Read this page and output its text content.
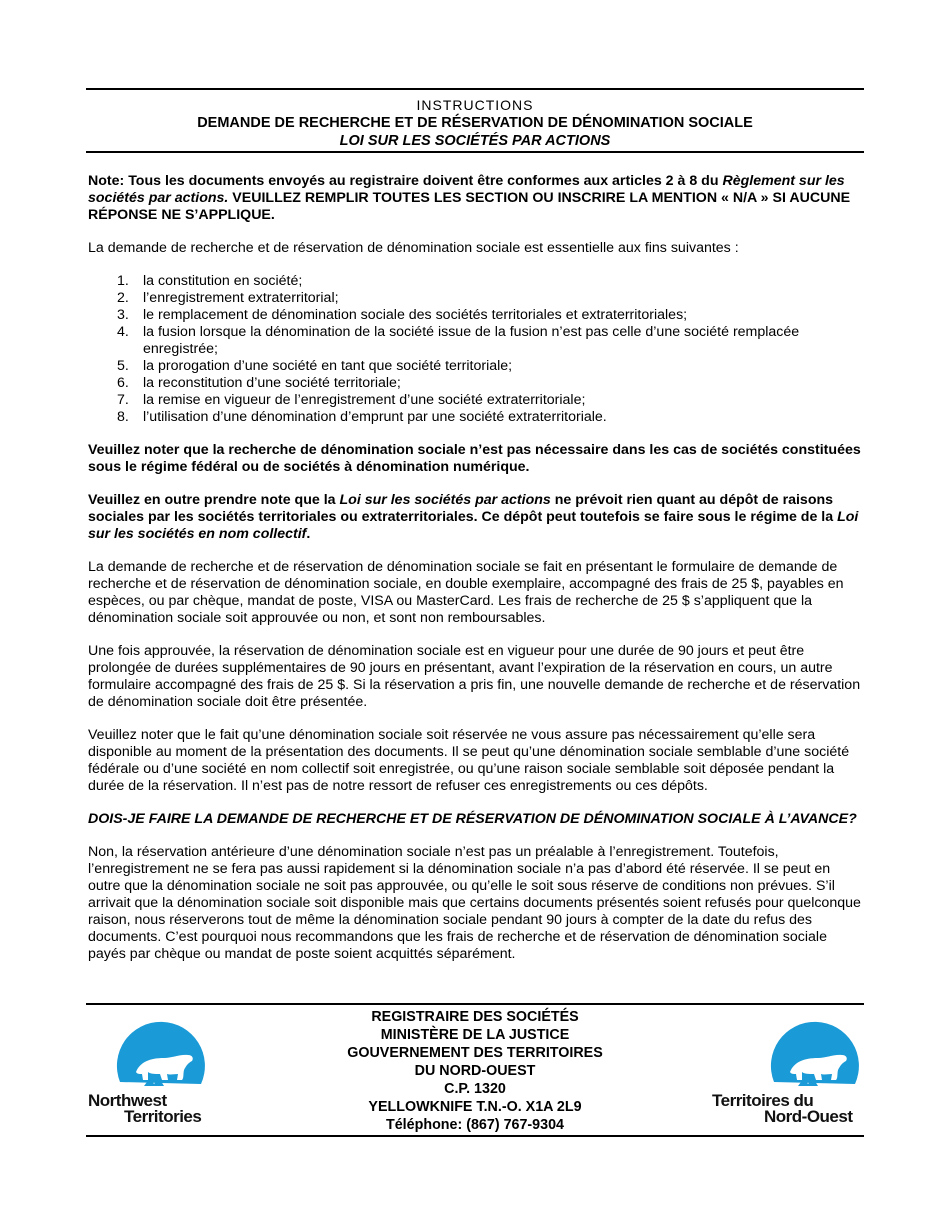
INSTRUCTIONS
DEMANDE DE RECHERCHE ET DE RÉSERVATION DE DÉNOMINATION SOCIALE
LOI SUR LES SOCIÉTÉS PAR ACTIONS

Note: Tous les documents envoyés au registraire doivent être conformes aux articles 2 à 8 du Règlement sur les sociétés par actions. VEUILLEZ REMPLIR TOUTES LES SECTION OU INSCRIRE LA MENTION « N/A » SI AUCUNE RÉPONSE NE S’APPLIQUE.

La demande de recherche et de réservation de dénomination sociale est essentielle aux fins suivantes :

1. la constitution en société;
2. l’enregistrement extraterritorial;
3. le remplacement de dénomination sociale des sociétés territoriales et extraterritoriales;
4. la fusion lorsque la dénomination de la société issue de la fusion n’est pas celle d’une société remplacée enregistrée;
5. la prorogation d’une société en tant que société territoriale;
6. la reconstitution d’une société territoriale;
7. la remise en vigueur de l’enregistrement d’une société extraterritoriale;
8. l’utilisation d’une dénomination d’emprunt par une société extraterritoriale.

Veuillez noter que la recherche de dénomination sociale n’est pas nécessaire dans les cas de sociétés constituées sous le régime fédéral ou de sociétés à dénomination numérique.

Veuillez en outre prendre note que la Loi sur les sociétés par actions ne prévoit rien quant au dépôt de raisons sociales par les sociétés territoriales ou extraterritoriales. Ce dépôt peut toutefois se faire sous le régime de la Loi sur les sociétés en nom collectif.

La demande de recherche et de réservation de dénomination sociale se fait en présentant le formulaire de demande de recherche et de réservation de dénomination sociale, en double exemplaire, accompagné des frais de 25 $, payables en espèces, ou par chèque, mandat de poste, VISA ou MasterCard. Les frais de recherche de 25 $ s’appliquent que la dénomination sociale soit approuvée ou non, et sont non remboursables.

Une fois approuvée, la réservation de dénomination sociale est en vigueur pour une durée de 90 jours et peut être prolongée de durées supplémentaires de 90 jours en présentant, avant l’expiration de la réservation en cours, un autre formulaire accompagné des frais de 25 $. Si la réservation a pris fin, une nouvelle demande de recherche et de réservation de dénomination sociale doit être présentée.

Veuillez noter que le fait qu’une dénomination sociale soit réservée ne vous assure pas nécessairement qu’elle sera disponible au moment de la présentation des documents. Il se peut qu’une dénomination sociale semblable d’une société fédérale ou d’une société en nom collectif soit enregistrée, ou qu’une raison sociale semblable soit déposée pendant la durée de la réservation. Il n’est pas de notre ressort de refuser ces enregistrements ou ces dépôts.

DOIS-JE FAIRE LA DEMANDE DE RECHERCHE ET DE RÉSERVATION DE DÉNOMINATION SOCIALE À L’AVANCE?

Non, la réservation antérieure d’une dénomination sociale n’est pas un préalable à l’enregistrement. Toutefois, l’enregistrement ne se fera pas aussi rapidement si la dénomination sociale n’a pas d’abord été réservée. Il se peut en outre que la dénomination sociale ne soit pas approuvée, ou qu’elle le soit sous réserve de conditions non prévues. S’il arrivait que la dénomination sociale soit disponible mais que certains documents présentés soient refusés pour quelconque raison, nous réserverons tout de même la dénomination sociale pendant 90 jours à compter de la date du refus des documents. C’est pourquoi nous recommandons que les frais de recherche et de réservation de dénomination sociale payés par chèque ou mandat de poste soient acquittés séparément.

Northwest
Territories
REGISTRAIRE DES SOCIÉTÉS
MINISTÈRE DE LA JUSTICE
GOUVERNEMENT DES TERRITOIRES
DU NORD-OUEST
C.P. 1320
YELLOWKNIFE T.N.-O. X1A 2L9
Téléphone: (867) 767-9304
Territoires du
Nord-Ouest
